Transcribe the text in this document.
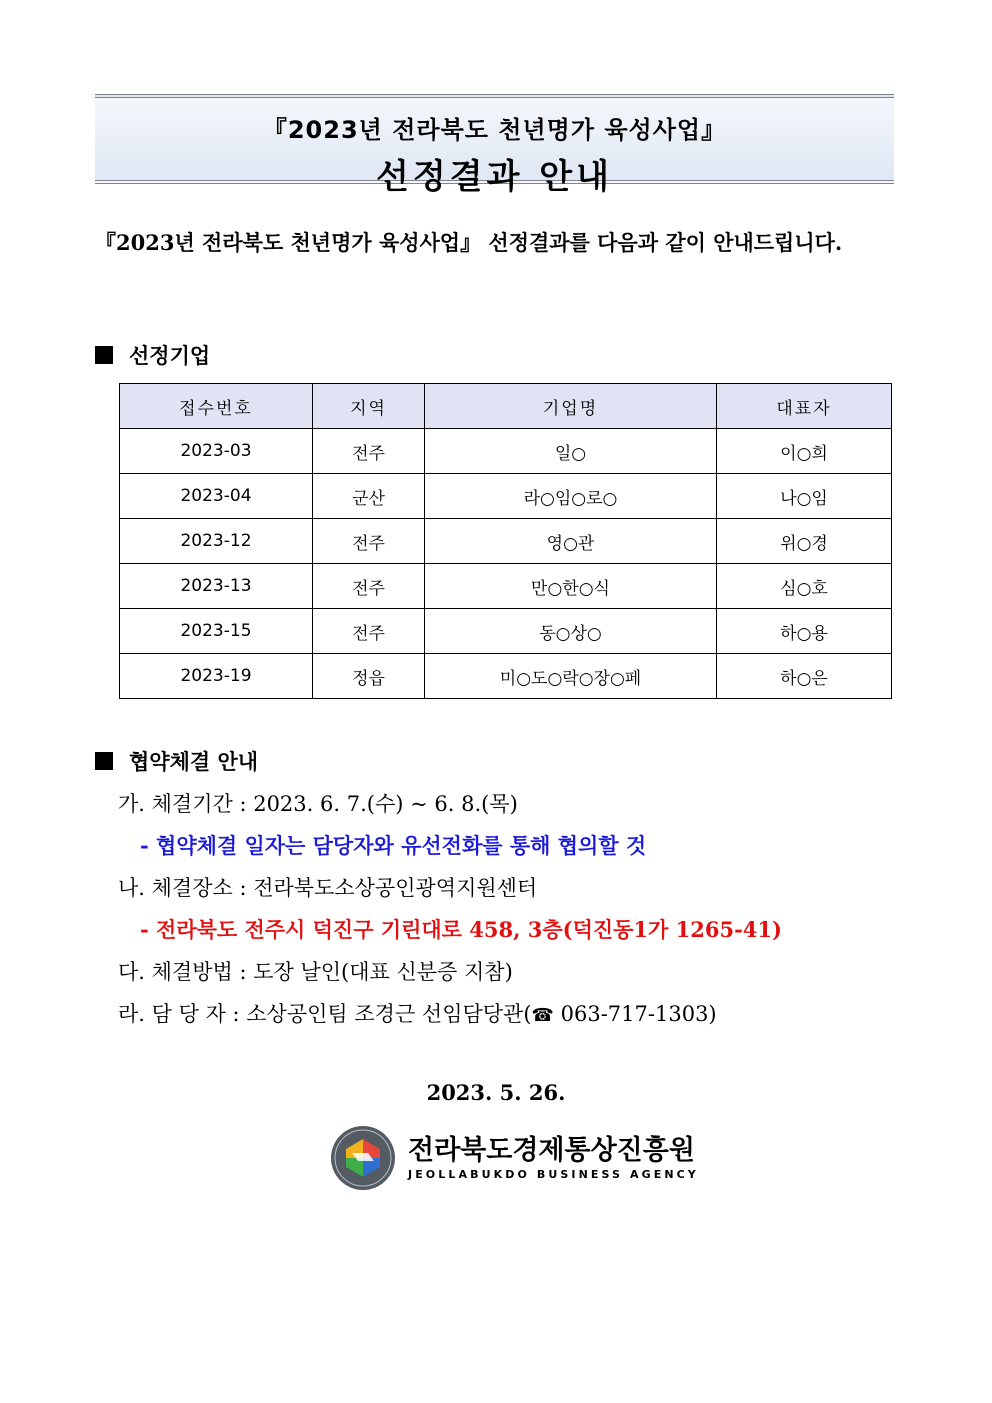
『2023년 전라북도 천년명가 육성사업』
선정결과 안내
『2023년 전라북도 천년명가 육성사업』 선정결과를 다음과 같이 안내드립니다.
선정기업
접수번호	지역	기업명	대표자
2023-03	전주	일○	이○희
2023-04	군산	라○임○로○	나○임
2023-12	전주	영○관	위○경
2023-13	전주	만○한○식	심○호
2023-15	전주	동○상○	하○용
2023-19	정읍	미○도○락○장○페	하○은
협약체결 안내
가. 체결기간 : 2023. 6. 7.(수) ~ 6. 8.(목)
- 협약체결 일자는 담당자와 유선전화를 통해 협의할 것
나. 체결장소 : 전라북도소상공인광역지원센터
- 전라북도 전주시 덕진구 기린대로 458, 3층(덕진동1가 1265-41)
다. 체결방법 : 도장 날인(대표 신분증 지참)
라. 담 당 자 : 소상공인팀 조경근 선임담당관(☎ 063-717-1303)
2023. 5. 26.
전라북도경제통상진흥원
JEOLLABUKDO BUSINESS AGENCY
